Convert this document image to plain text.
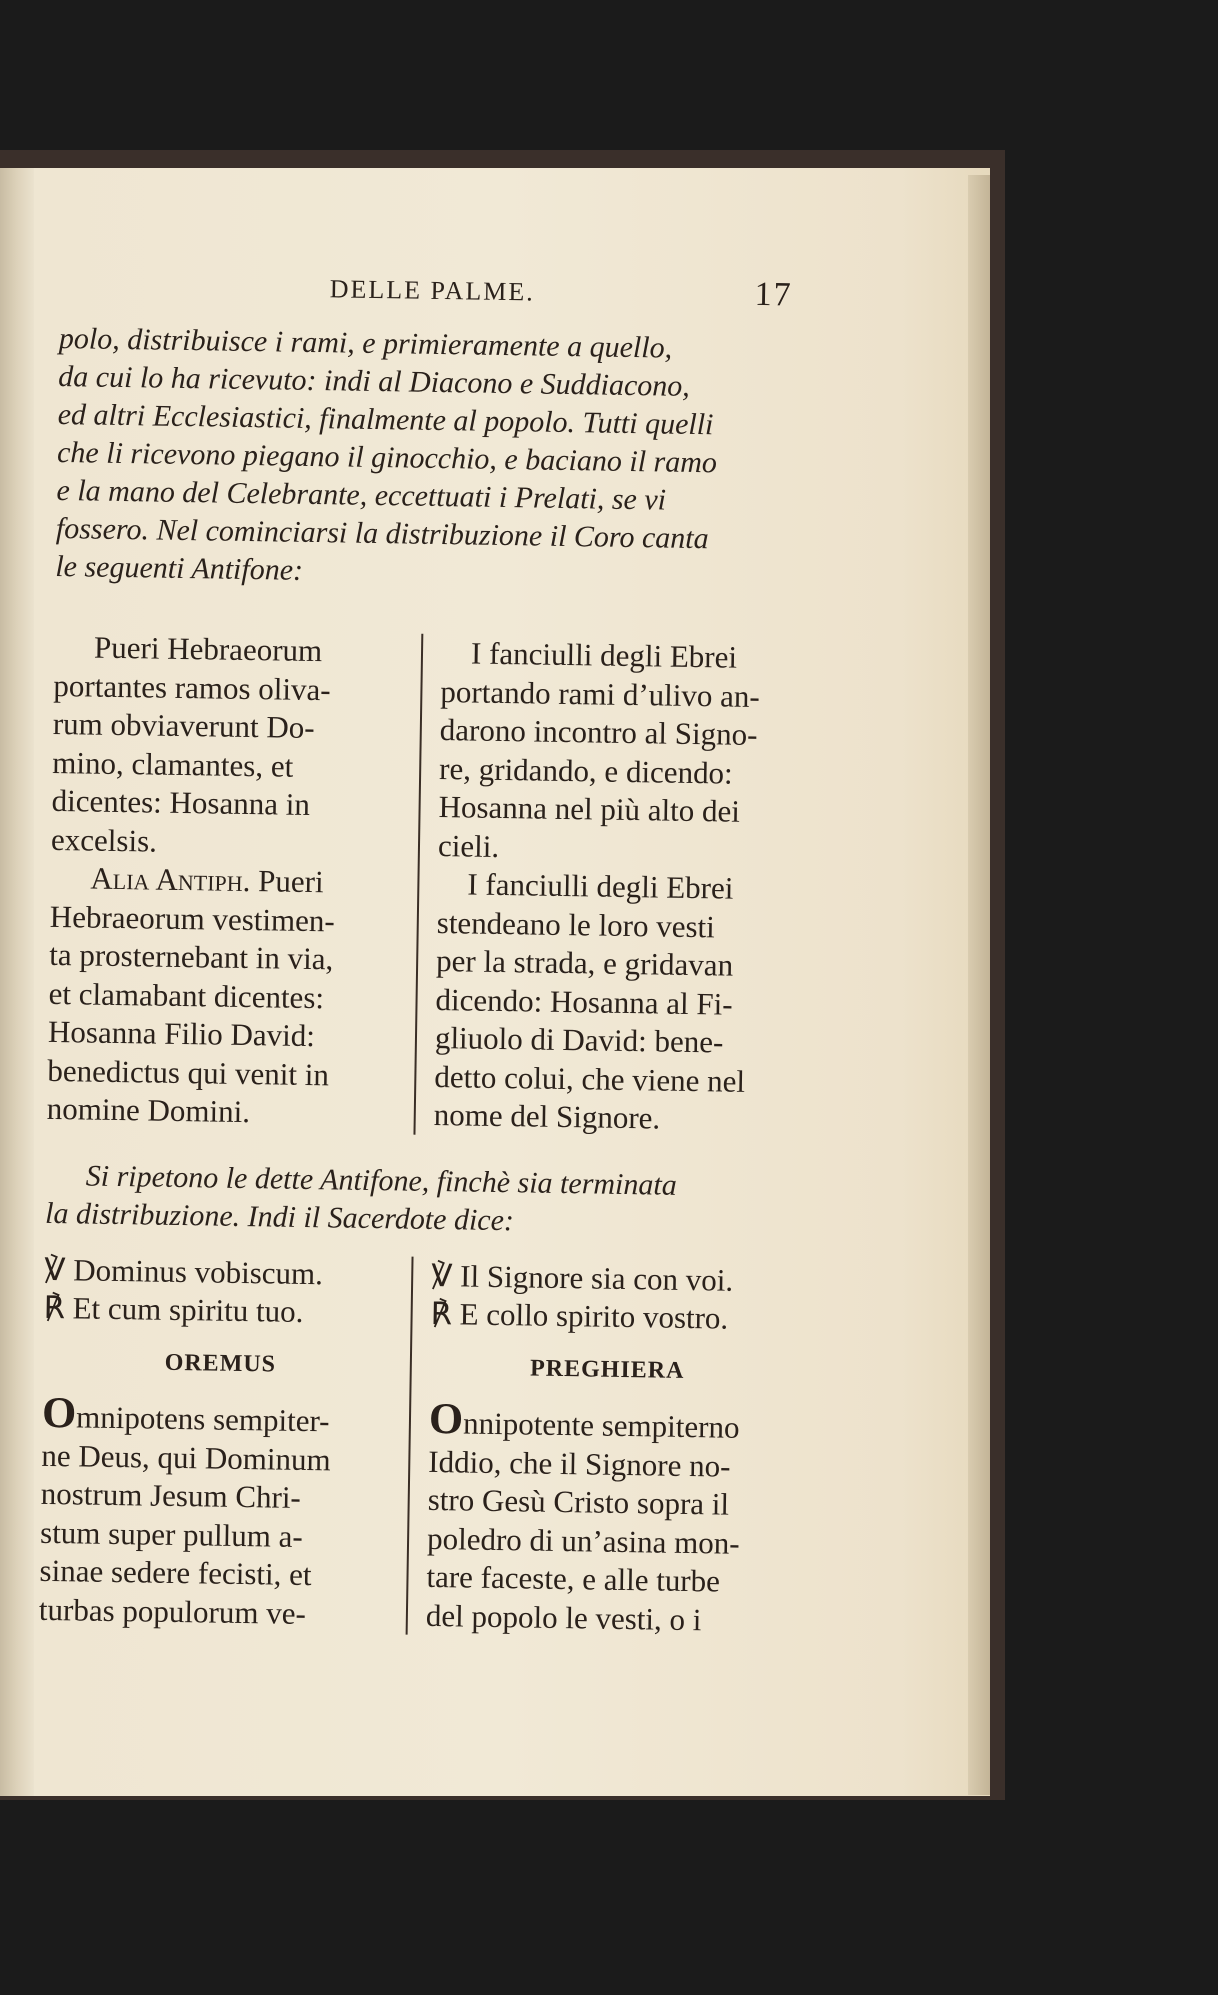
DELLE PALME.	17
polo, distribuisce i rami, e primieramente a quello,
da cui lo ha ricevuto: indi al Diacono e Suddiacono,
ed altri Ecclesiastici, finalmente al popolo. Tutti quelli
che li ricevono piegano il ginocchio, e baciano il ramo
e la mano del Celebrante, eccettuati i Prelati, se vi
fossero. Nel cominciarsi la distribuzione il Coro canta
le seguenti Antifone:

Pueri Hebraeorum
portantes ramos oliva-
rum obviaverunt Do-
mino, clamantes, et
dicentes: Hosanna in
excelsis.

Alia Antiph. Pueri
Hebraeorum vestimen-
ta prosternebant in via,
et clamabant dicentes:
Hosanna Filio David:
benedictus qui venit in
nomine Domini.

I fanciulli degli Ebrei
portando rami d’ulivo an-
darono incontro al Signo-
re, gridando, e dicendo:
Hosanna nel più alto dei
cieli.

I fanciulli degli Ebrei
stendeano le loro vesti
per la strada, e gridavan
dicendo: Hosanna al Fi-
gliuolo di David: bene-
detto colui, che viene nel
nome del Signore.

Si ripetono le dette Antifone, finchè sia terminata
la distribuzione. Indi il Sacerdote dice:

℣ Dominus vobiscum.
℟ Et cum spiritu tuo.

OREMUS

Omnipotens sempiter-
ne Deus, qui Dominum
nostrum Jesum Chri-
stum super pullum a-
sinae sedere fecisti, et
turbas populorum ve-

℣ Il Signore sia con voi.
℟ E collo spirito vostro.

PREGHIERA

Onnipotente sempiterno
Iddio, che il Signore no-
stro Gesù Cristo sopra il
poledro di un’asina mon-
tare faceste, e alle turbe
del popolo le vesti, o i
